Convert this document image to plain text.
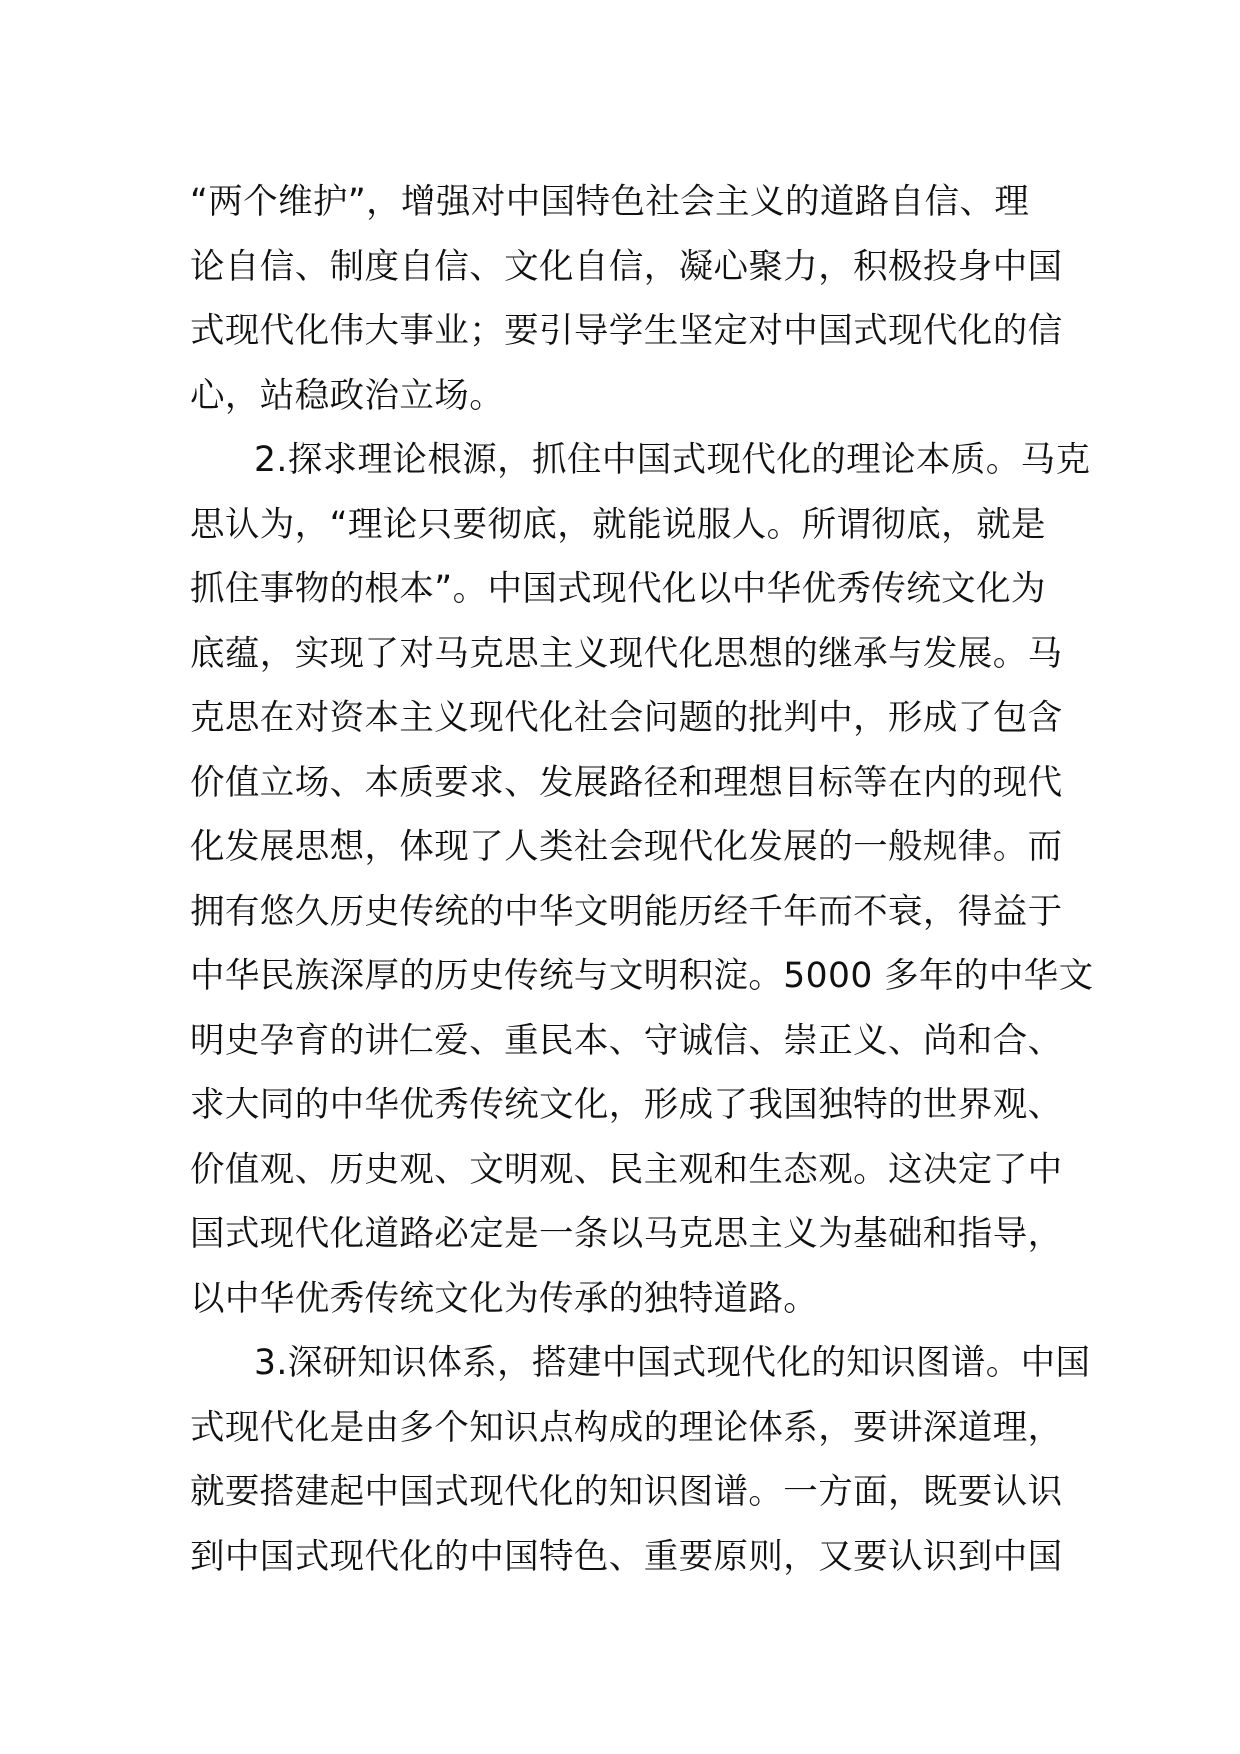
“两个维护”，增强对中国特色社会主义的道路自信、理
论自信、制度自信、文化自信，凝心聚力，积极投身中国
式现代化伟大事业；要引导学生坚定对中国式现代化的信
心，站稳政治立场。
2.探求理论根源，抓住中国式现代化的理论本质。马克
思认为，“理论只要彻底，就能说服人。所谓彻底，就是
抓住事物的根本”。中国式现代化以中华优秀传统文化为
底蕴，实现了对马克思主义现代化思想的继承与发展。马
克思在对资本主义现代化社会问题的批判中，形成了包含
价值立场、本质要求、发展路径和理想目标等在内的现代
化发展思想，体现了人类社会现代化发展的一般规律。而
拥有悠久历史传统的中华文明能历经千年而不衰，得益于
中华民族深厚的历史传统与文明积淀。5000 多年的中华文
明史孕育的讲仁爱、重民本、守诚信、崇正义、尚和合、
求大同的中华优秀传统文化，形成了我国独特的世界观、
价值观、历史观、文明观、民主观和生态观。这决定了中
国式现代化道路必定是一条以马克思主义为基础和指导，
以中华优秀传统文化为传承的独特道路。
3.深研知识体系，搭建中国式现代化的知识图谱。中国
式现代化是由多个知识点构成的理论体系，要讲深道理，
就要搭建起中国式现代化的知识图谱。一方面，既要认识
到中国式现代化的中国特色、重要原则，又要认识到中国
